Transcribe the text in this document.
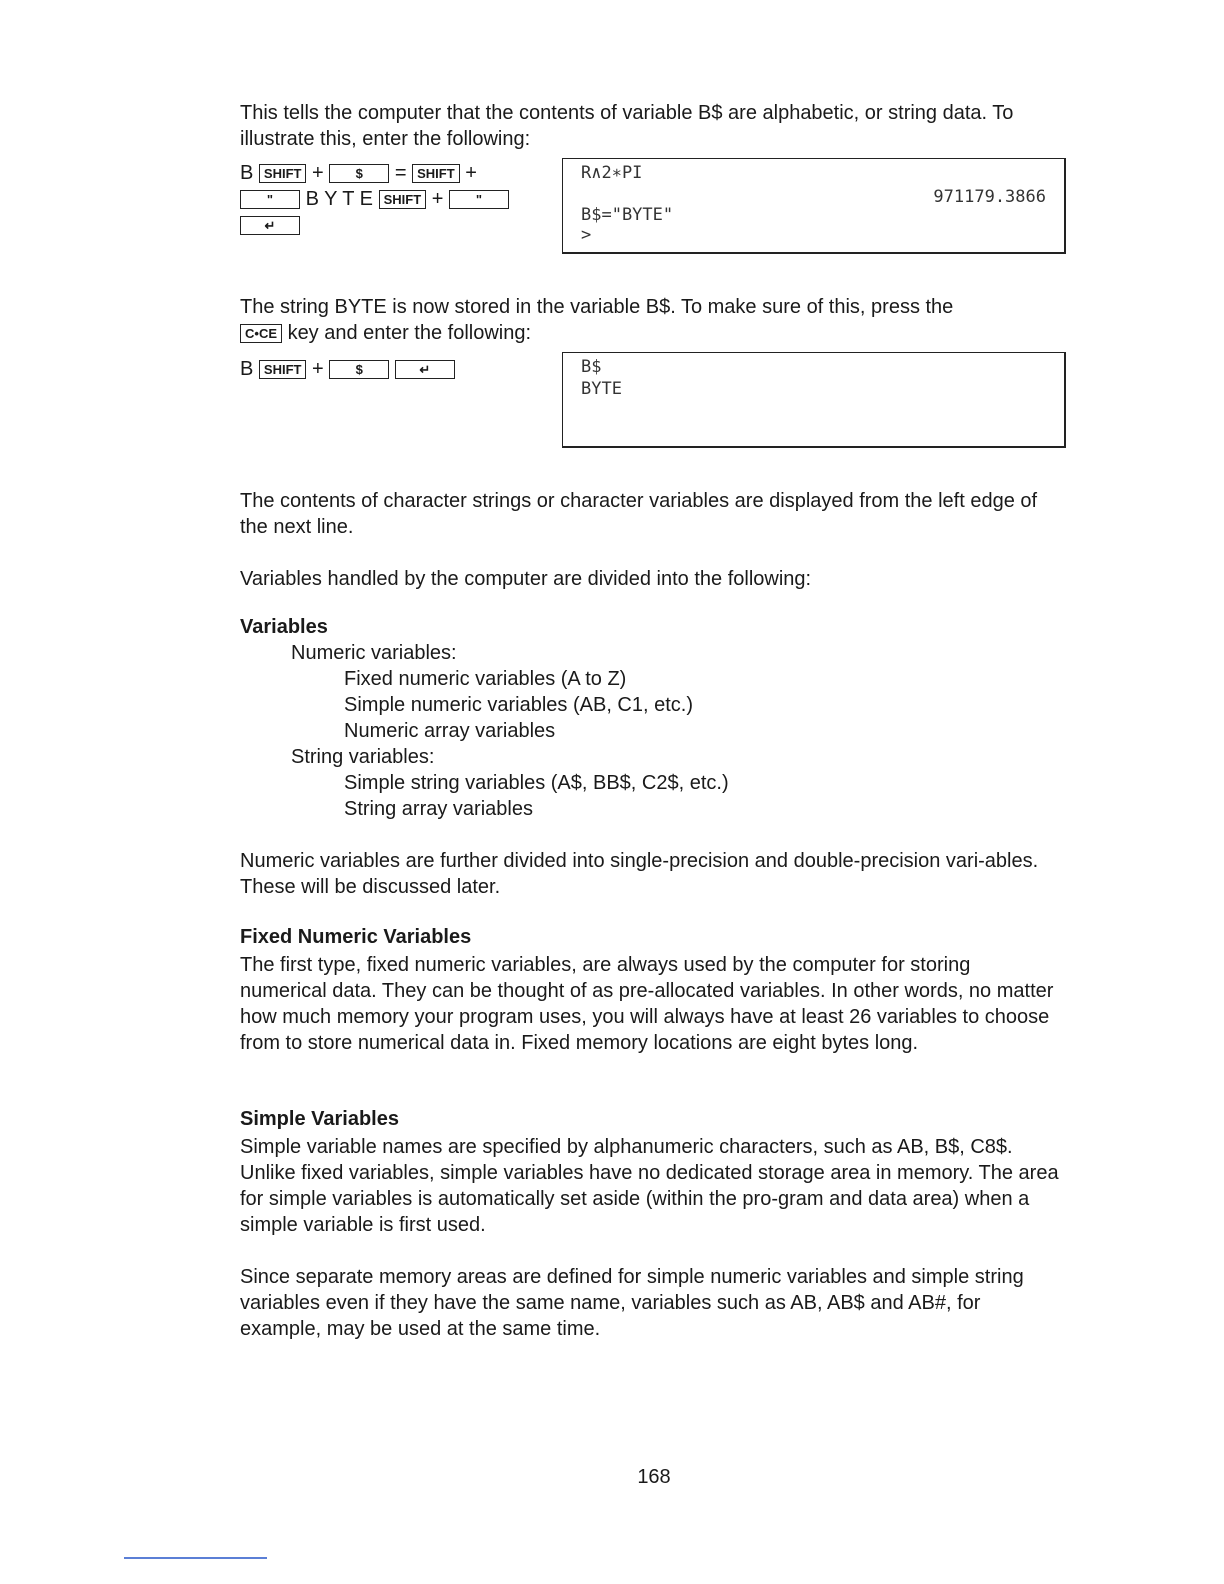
This tells the computer that the contents of variable B$ are alphabetic, or string data. To illustrate this, enter the following:

B SHIFT + $ = SHIFT +
" B Y T E SHIFT + "
↵
R∧2∗PI
971179.3866
B$="BYTE"
>

The string BYTE is now stored in the variable B$. To make sure of this, press the
C•CE key and enter the following:

B SHIFT + $	↵	B$
BYTE

The contents of character strings or character variables are displayed from the left edge of the next line.

Variables handled by the computer are divided into the following:

Variables

Numeric variables:
Fixed numeric variables (A to Z)
Simple numeric variables (AB, C1, etc.)
Numeric array variables
String variables:
Simple string variables (A$, BB$, C2$, etc.)
String array variables

Numeric variables are further divided into single-precision and double-precision vari-ables. These will be discussed later.

Fixed Numeric Variables

The first type, fixed numeric variables, are always used by the computer for storing numerical data. They can be thought of as pre-allocated variables. In other words, no matter how much memory your program uses, you will always have at least 26 variables to choose from to store numerical data in. Fixed memory locations are eight bytes long.

Simple Variables

Simple variable names are specified by alphanumeric characters, such as AB, B$, C8$. Unlike fixed variables, simple variables have no dedicated storage area in memory. The area for simple variables is automatically set aside (within the pro-gram and data area) when a simple variable is first used.

Since separate memory areas are defined for simple numeric variables and simple string variables even if they have the same name, variables such as AB, AB$ and AB#, for example, may be used at the same time.

168
